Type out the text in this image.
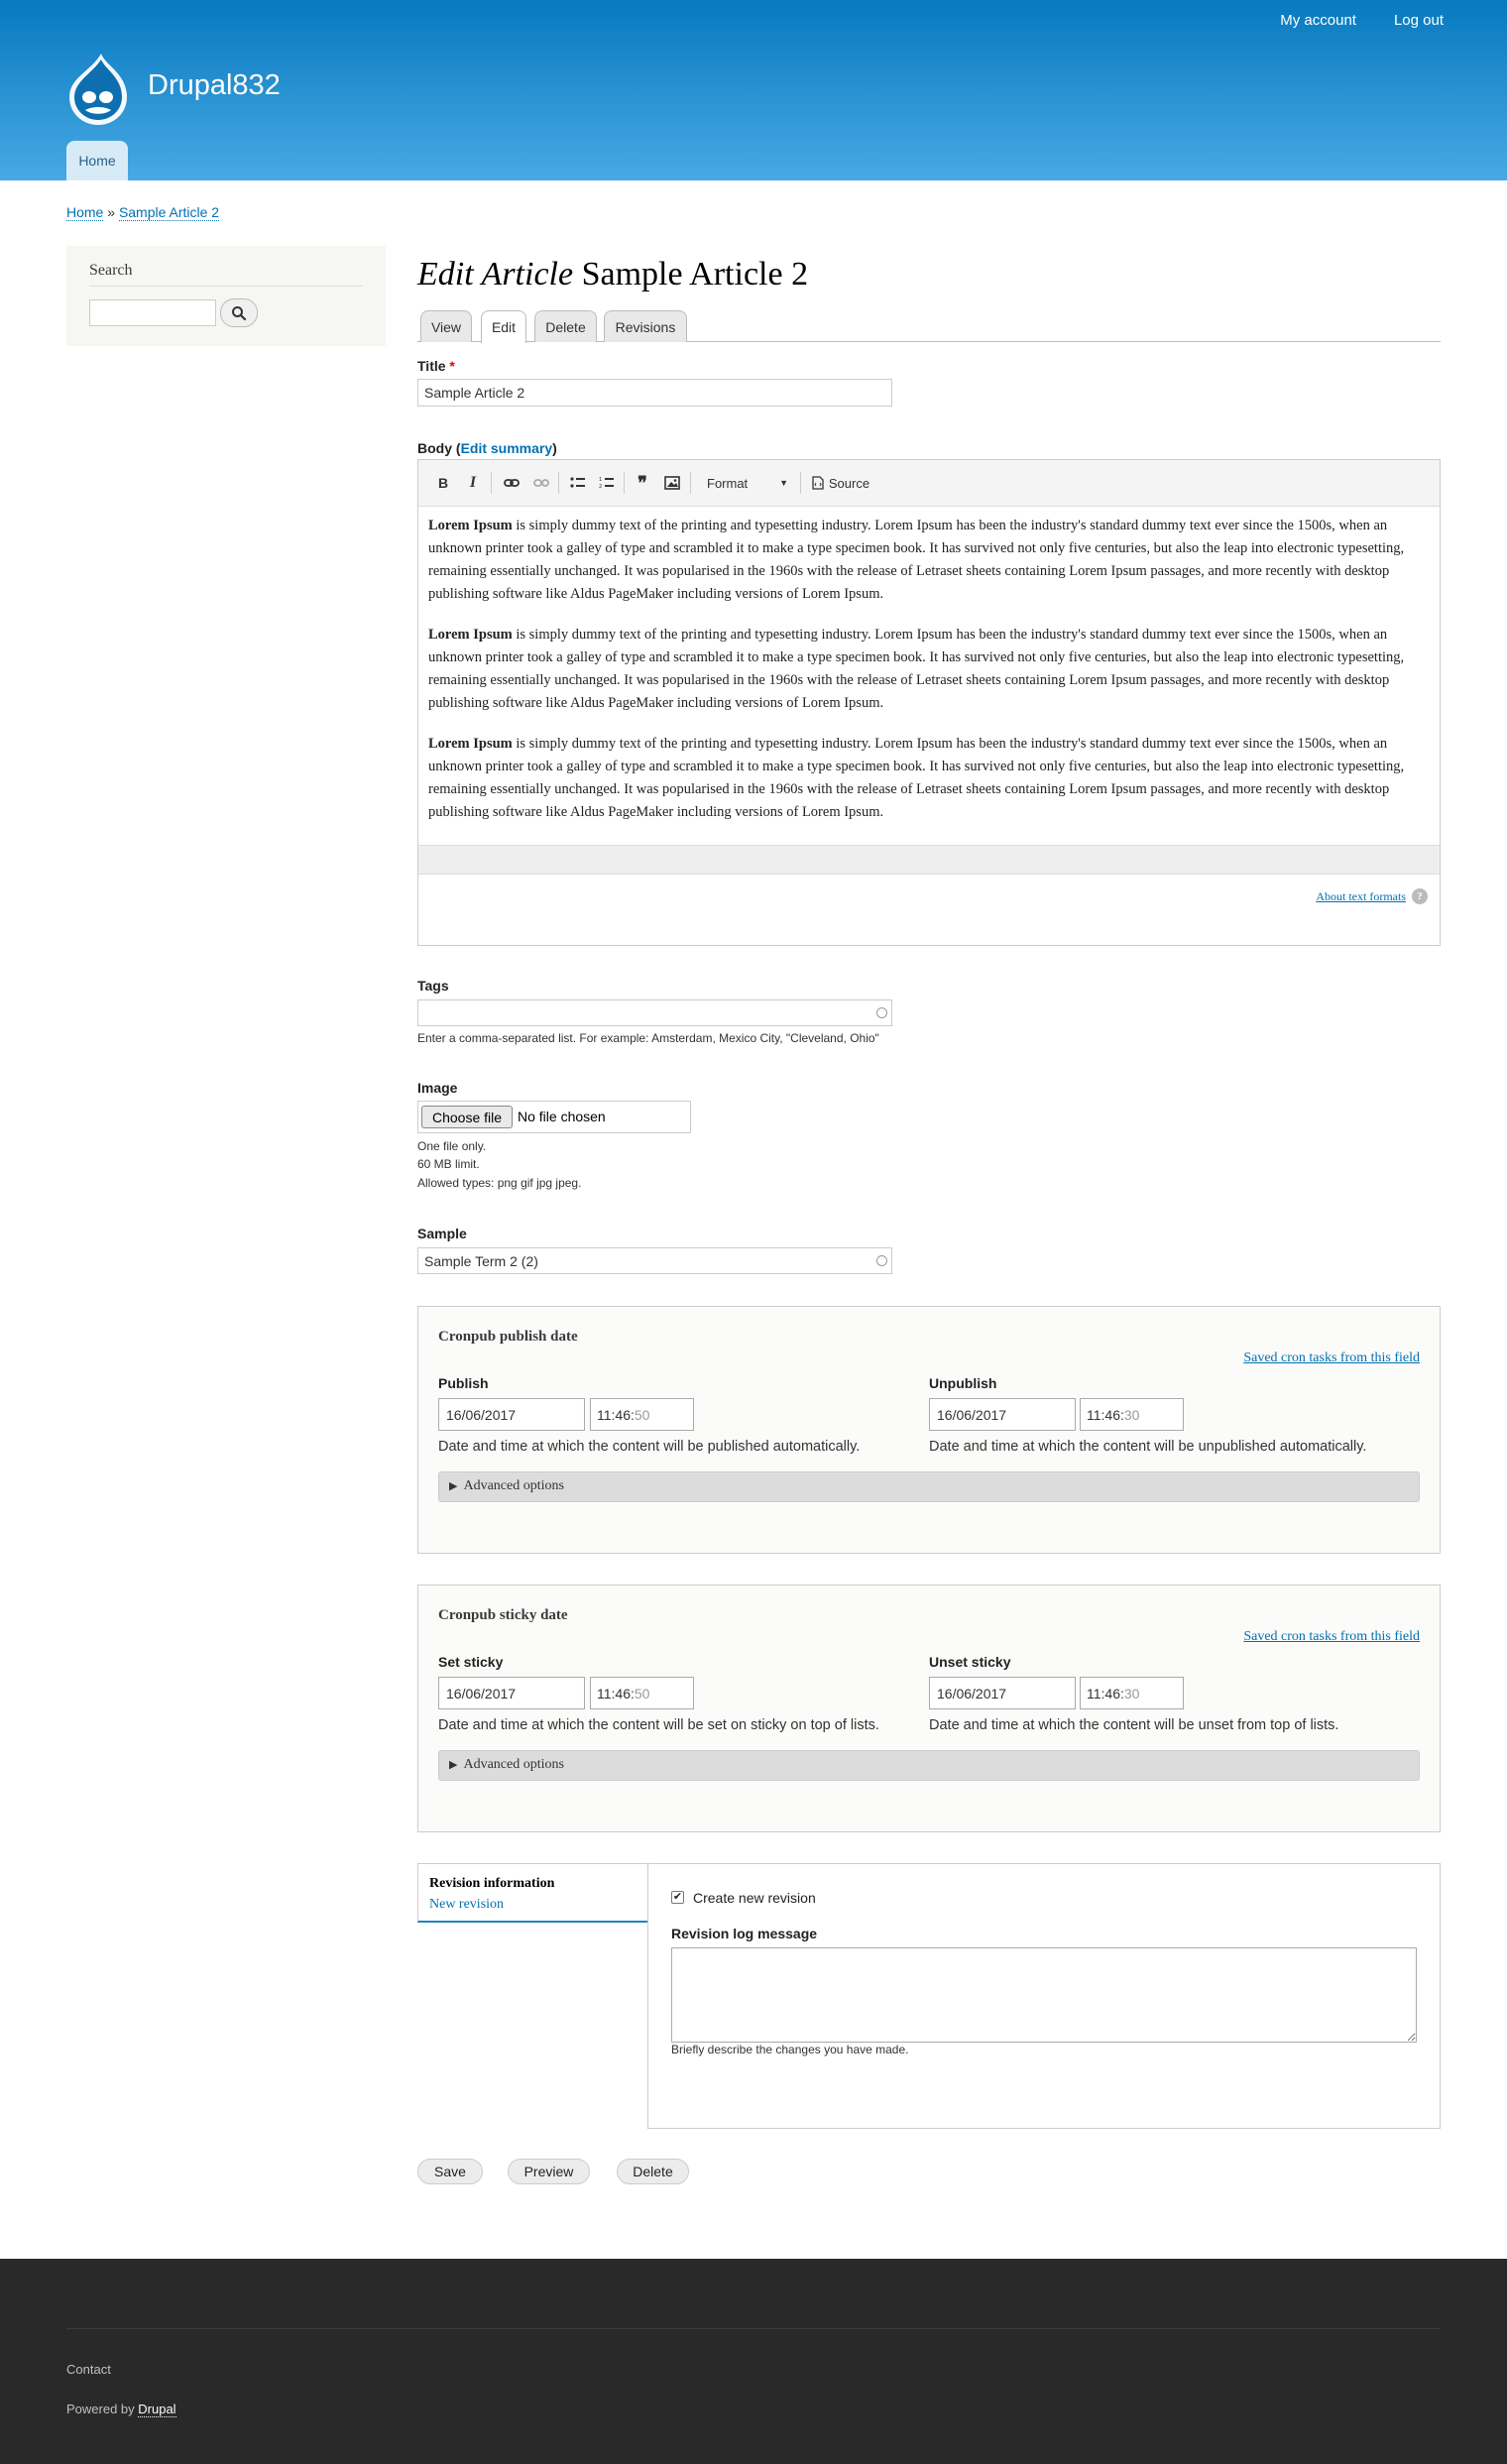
My account	Log out
Drupal832
Home
Home » Sample Article 2
Search	Edit Article Sample Article 2
View	Edit	Delete	Revisions
Title *
Sample Article 2
Body (Edit summary)
B	I	1
2	❞	Format	▼	Source

Lorem Ipsum is simply dummy text of the printing and typesetting industry. Lorem Ipsum has been the industry's standard dummy text ever since the 1500s, when an unknown printer took a galley of type and scrambled it to make a type specimen book. It has survived not only five centuries, but also the leap into electronic typesetting, remaining essentially unchanged. It was popularised in the 1960s with the release of Letraset sheets containing Lorem Ipsum passages, and more recently with desktop publishing software like Aldus PageMaker including versions of Lorem Ipsum.

Lorem Ipsum is simply dummy text of the printing and typesetting industry. Lorem Ipsum has been the industry's standard dummy text ever since the 1500s, when an unknown printer took a galley of type and scrambled it to make a type specimen book. It has survived not only five centuries, but also the leap into electronic typesetting, remaining essentially unchanged. It was popularised in the 1960s with the release of Letraset sheets containing Lorem Ipsum passages, and more recently with desktop publishing software like Aldus PageMaker including versions of Lorem Ipsum.

Lorem Ipsum is simply dummy text of the printing and typesetting industry. Lorem Ipsum has been the industry's standard dummy text ever since the 1500s, when an unknown printer took a galley of type and scrambled it to make a type specimen book. It has survived not only five centuries, but also the leap into electronic typesetting, remaining essentially unchanged. It was popularised in the 1960s with the release of Letraset sheets containing Lorem Ipsum passages, and more recently with desktop publishing software like Aldus PageMaker including versions of Lorem Ipsum.

About text formats	?
Tags
Enter a comma-separated list. For example: Amsterdam, Mexico City, "Cleveland, Ohio"
Image
Choose file	No file chosen
One file only.
60 MB limit.
Allowed types: png gif jpg jpeg.
Sample
Sample Term 2 (2)
Cronpub publish date
Saved cron tasks from this field
Publish
16/06/2017	11:46:50
Date and time at which the content will be published automatically.
Unpublish
16/06/2017	11:46:30
Date and time at which the content will be unpublished automatically.
▶ Advanced options
Cronpub sticky date
Saved cron tasks from this field
Set sticky
16/06/2017	11:46:50
Date and time at which the content will be set on sticky on top of lists.
Unset sticky
16/06/2017	11:46:30
Date and time at which the content will be unset from top of lists.
▶ Advanced options
Revision information
New revision	✔ Create new revision
Revision log message
Briefly describe the changes you have made.
Save	Preview	Delete
Contact
Powered by Drupal
